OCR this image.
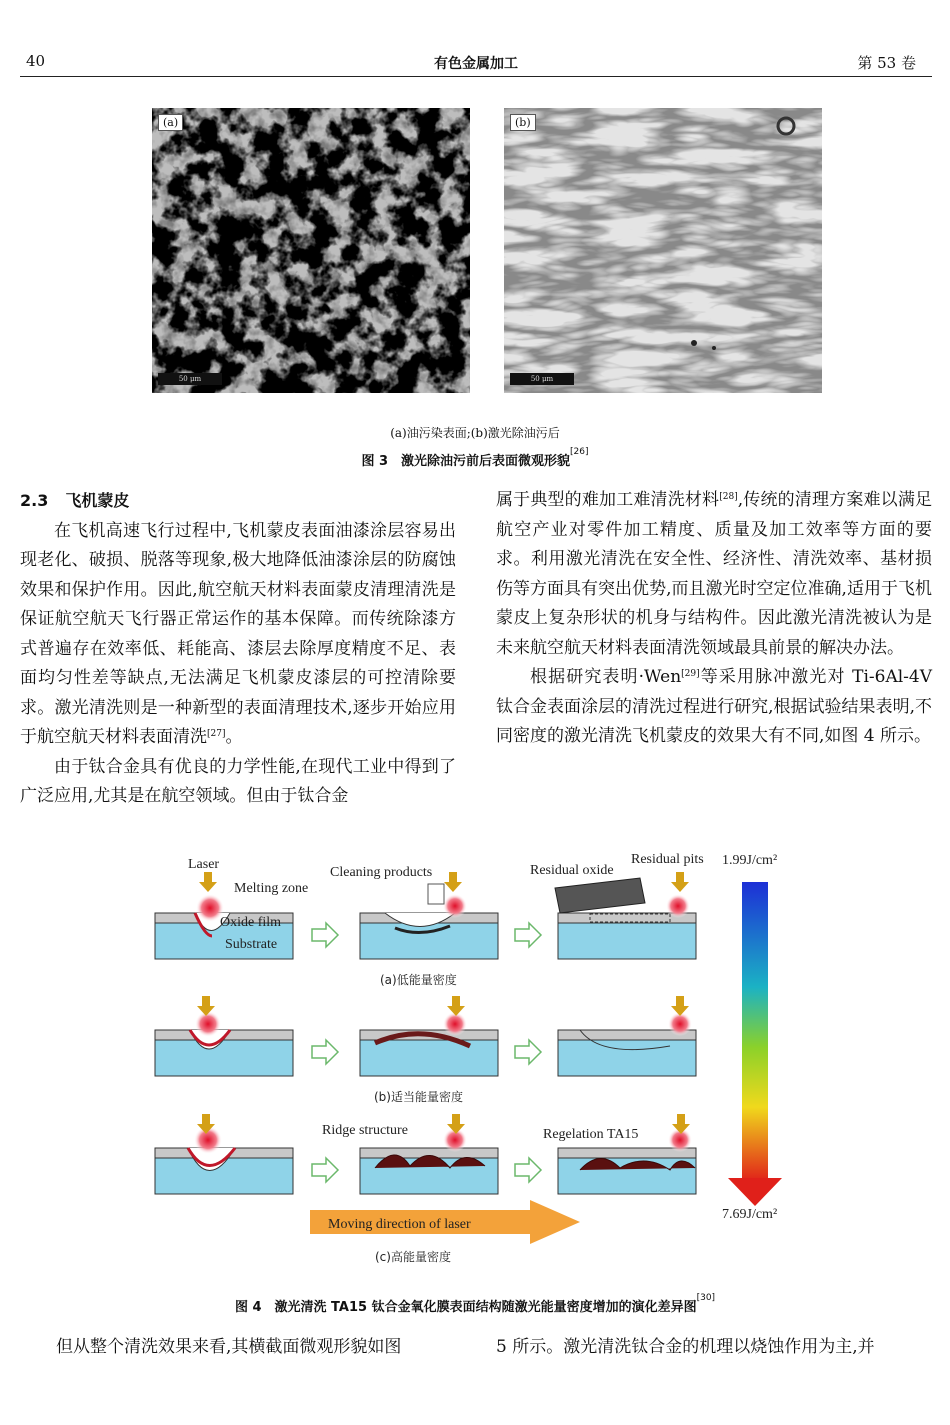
40	有色金属加工	第 53 卷
(a)
50 μm
(b)
50 μm
(a)油污染表面;(b)激光除油污后
图 3　激光除油污前后表面微观形貌[26]

2.3　 飞机蒙皮

在飞机高速飞行过程中,飞机蒙皮表面油漆涂层容易出现老化、破损、脱落等现象,极大地降低油漆涂层的防腐蚀效果和保护作用。因此,航空航天材料表面蒙皮清理清洗是保证航空航天飞行器正常运作的基本保障。而传统除漆方式普遍存在效率低、耗能高、漆层去除厚度精度不足、表面均匀性差等缺点,无法满足飞机蒙皮漆层的可控清除要求。激光清洗则是一种新型的表面清理技术,逐步开始应用于航空航天材料表面清洗[27]。

由于钛合金具有优良的力学性能,在现代工业中得到了广泛应用,尤其是在航空领域。但由于钛合金

属于典型的难加工难清洗材料[28],传统的清理方案难以满足航空产业对零件加工精度、质量及加工效率等方面的要求。利用激光清洗在安全性、经济性、清洗效率、基材损伤等方面具有突出优势,而且激光时空定位准确,适用于飞机蒙皮上复杂形状的机身与结构件。因此激光清洗被认为是未来航空航天材料表面清洗领域最具前景的解决办法。

根据研究表明·Wen[29]等采用脉冲激光对 Ti-6Al-4V 钛合金表面涂层的清洗过程进行研究,根据试验结果表明,不同密度的激光清洗飞机蒙皮的效果大有不同,如图 4 所示。

Laser
Melting zone
Oxide film
Substrate
Cleaning products	Residual oxide
Residual pits
(a)低能量密度
(b)适当能量密度
Ridge structure	Regelation TA15
Moving direction of laser
(c)高能量密度
1.99J/cm²
7.69J/cm²
图 4　激光清洗 TA15 钛合金氧化膜表面结构随激光能量密度增加的演化差异图[30]
但从整个清洗效果来看,其横截面微观形貌如图	5 所示。激光清洗钛合金的机理以烧蚀作用为主,并
